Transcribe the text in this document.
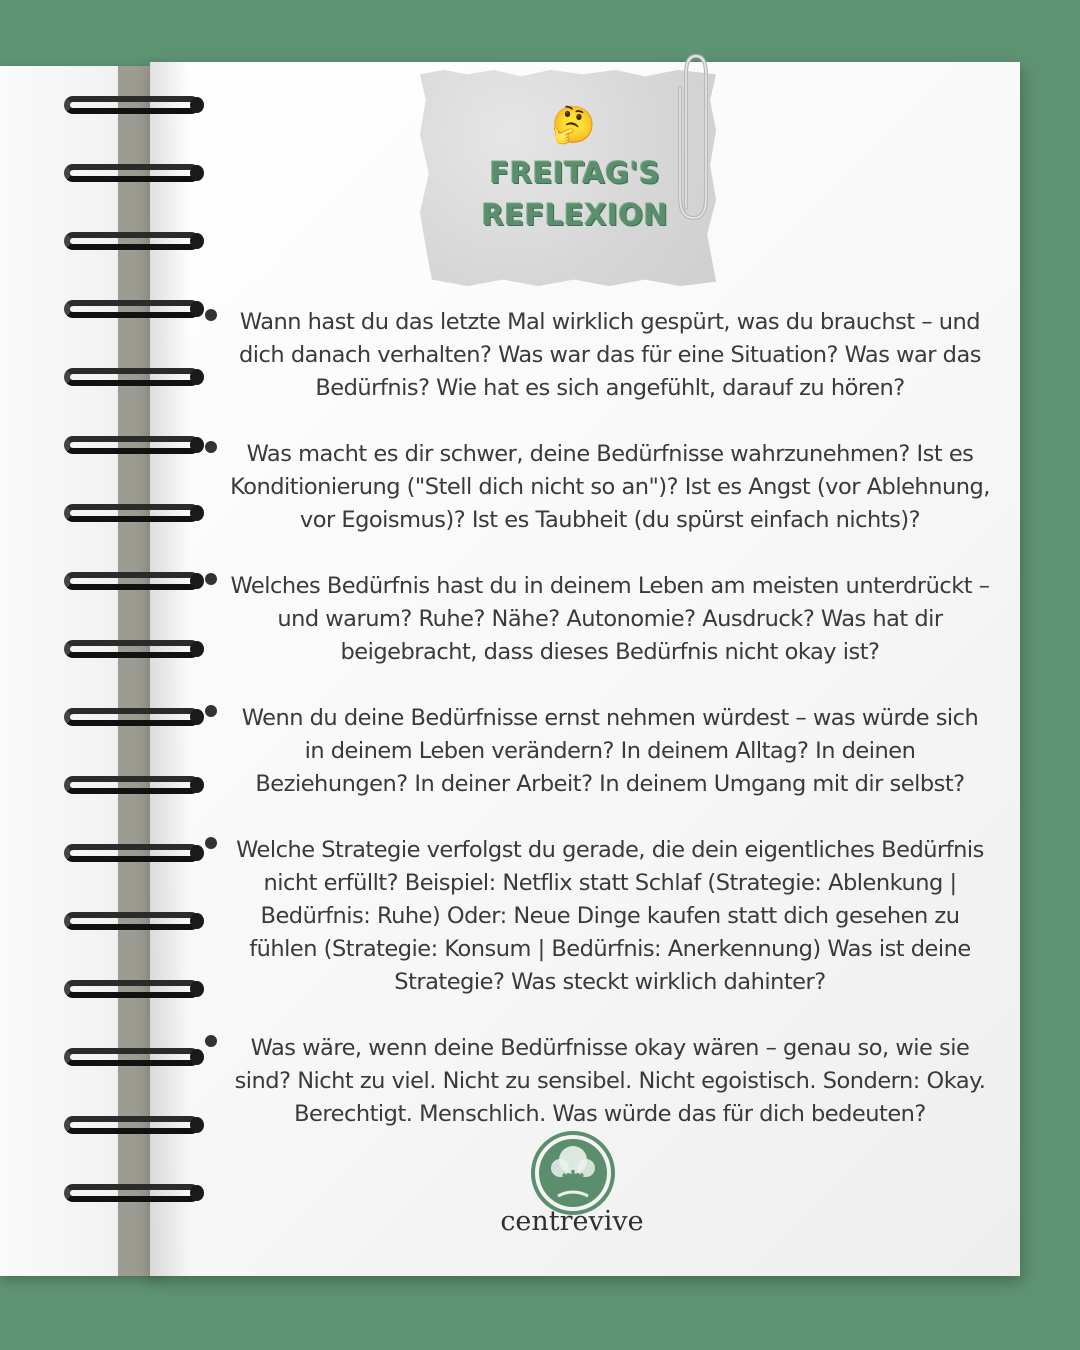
🤔
FREITAG'S
REFLEXION
Wann hast du das letzte Mal wirklich gespürt, was du brauchst – und dich danach verhalten? Was war das für eine Situation? Was war das Bedürfnis? Wie hat es sich angefühlt, darauf zu hören?
Was macht es dir schwer, deine Bedürfnisse wahrzunehmen? Ist es Konditionierung ("Stell dich nicht so an")? Ist es Angst (vor Ablehnung, vor Egoismus)? Ist es Taubheit (du spürst einfach nichts)?
Welches Bedürfnis hast du in deinem Leben am meisten unterdrückt – und warum? Ruhe? Nähe? Autonomie? Ausdruck? Was hat dir beigebracht, dass dieses Bedürfnis nicht okay ist?
Wenn du deine Bedürfnisse ernst nehmen würdest – was würde sich in deinem Leben verändern? In deinem Alltag? In deinen Beziehungen? In deiner Arbeit? In deinem Umgang mit dir selbst?
Welche Strategie verfolgst du gerade, die dein eigentliches Bedürfnis nicht erfüllt? Beispiel: Netflix statt Schlaf (Strategie: Ablenkung | Bedürfnis: Ruhe) Oder: Neue Dinge kaufen statt dich gesehen zu fühlen (Strategie: Konsum | Bedürfnis: Anerkennung) Was ist deine Strategie? Was steckt wirklich dahinter?
Was wäre, wenn deine Bedürfnisse okay wären – genau so, wie sie sind? Nicht zu viel. Nicht zu sensibel. Nicht egoistisch. Sondern: Okay. Berechtigt. Menschlich. Was würde das für dich bedeuten?
centrevive
